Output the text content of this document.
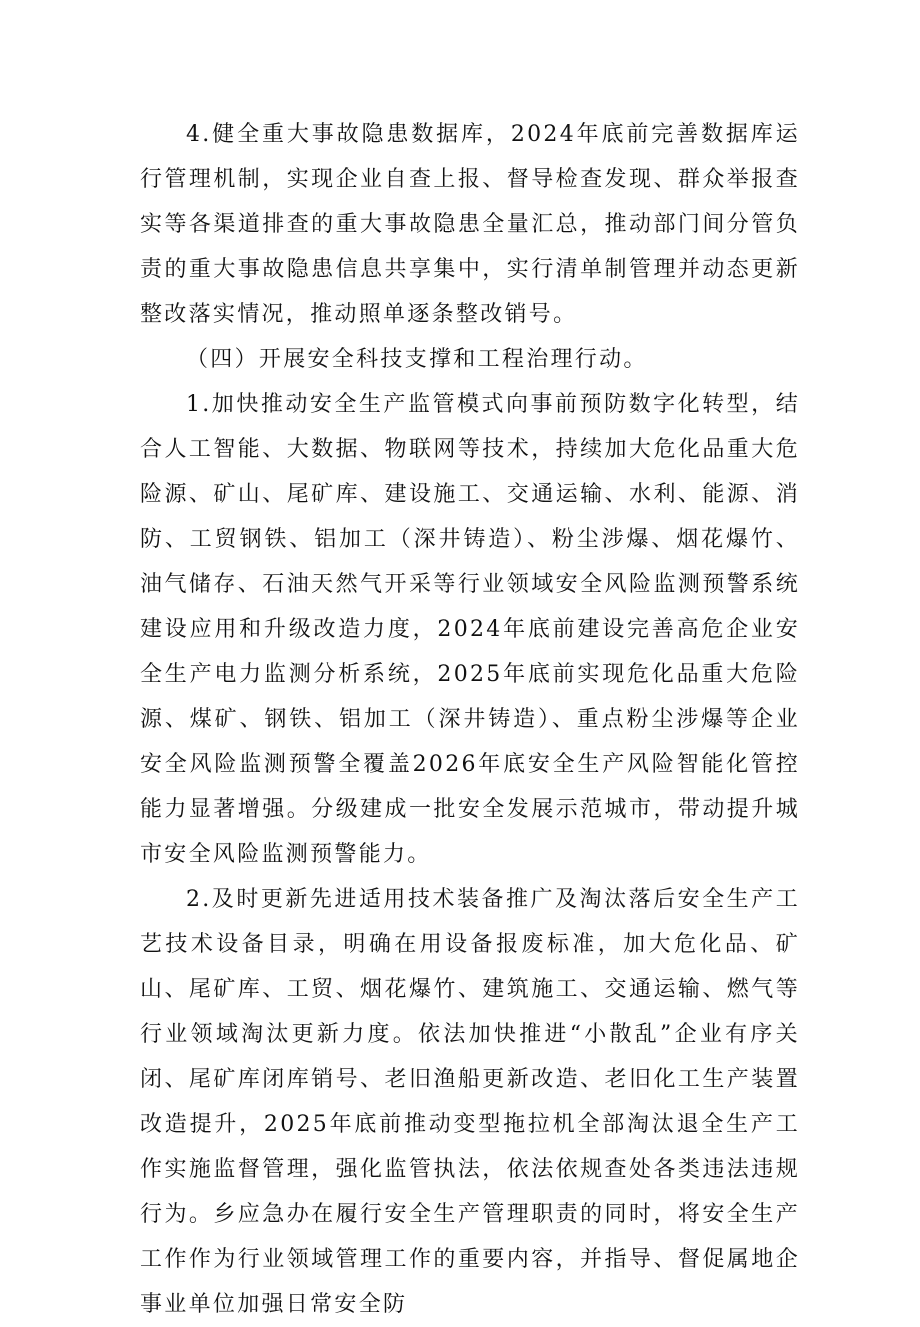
4.健全重大事故隐患数据库，2024年底前完善数据库运行管理机制，实现企业自查上报、督导检查发现、群众举报查实等各渠道排查的重大事故隐患全量汇总，推动部门间分管负责的重大事故隐患信息共享集中，实行清单制管理并动态更新整改落实情况，推动照单逐条整改销号。

（四）开展安全科技支撑和工程治理行动。

1.加快推动安全生产监管模式向事前预防数字化转型，结合人工智能、大数据、物联网等技术，持续加大危化品重大危险源、矿山、尾矿库、建设施工、交通运输、水利、能源、消防、工贸钢铁、铝加工（深井铸造）、粉尘涉爆、烟花爆竹、油气储存、石油天然气开采等行业领域安全风险监测预警系统建设应用和升级改造力度，2024年底前建设完善高危企业安全生产电力监测分析系统，2025年底前实现危化品重大危险源、煤矿、钢铁、铝加工（深井铸造）、重点粉尘涉爆等企业安全风险监测预警全覆盖2026年底安全生产风险智能化管控能力显著增强。分级建成一批安全发展示范城市，带动提升城市安全风险监测预警能力。

2.及时更新先进适用技术装备推广及淘汰落后安全生产工艺技术设备目录，明确在用设备报废标准，加大危化品、矿山、尾矿库、工贸、烟花爆竹、建筑施工、交通运输、燃气等行业领域淘汰更新力度。依法加快推进“小散乱”企业有序关闭、尾矿库闭库销号、老旧渔船更新改造、老旧化工生产装置改造提升，2025年底前推动变型拖拉机全部淘汰退全生产工作实施监督管理，强化监管执法，依法依规查处各类违法违规行为。乡应急办在履行安全生产管理职责的同时，将安全生产工作作为行业领域管理工作的重要内容，并指导、督促属地企事业单位加强日常安全防
